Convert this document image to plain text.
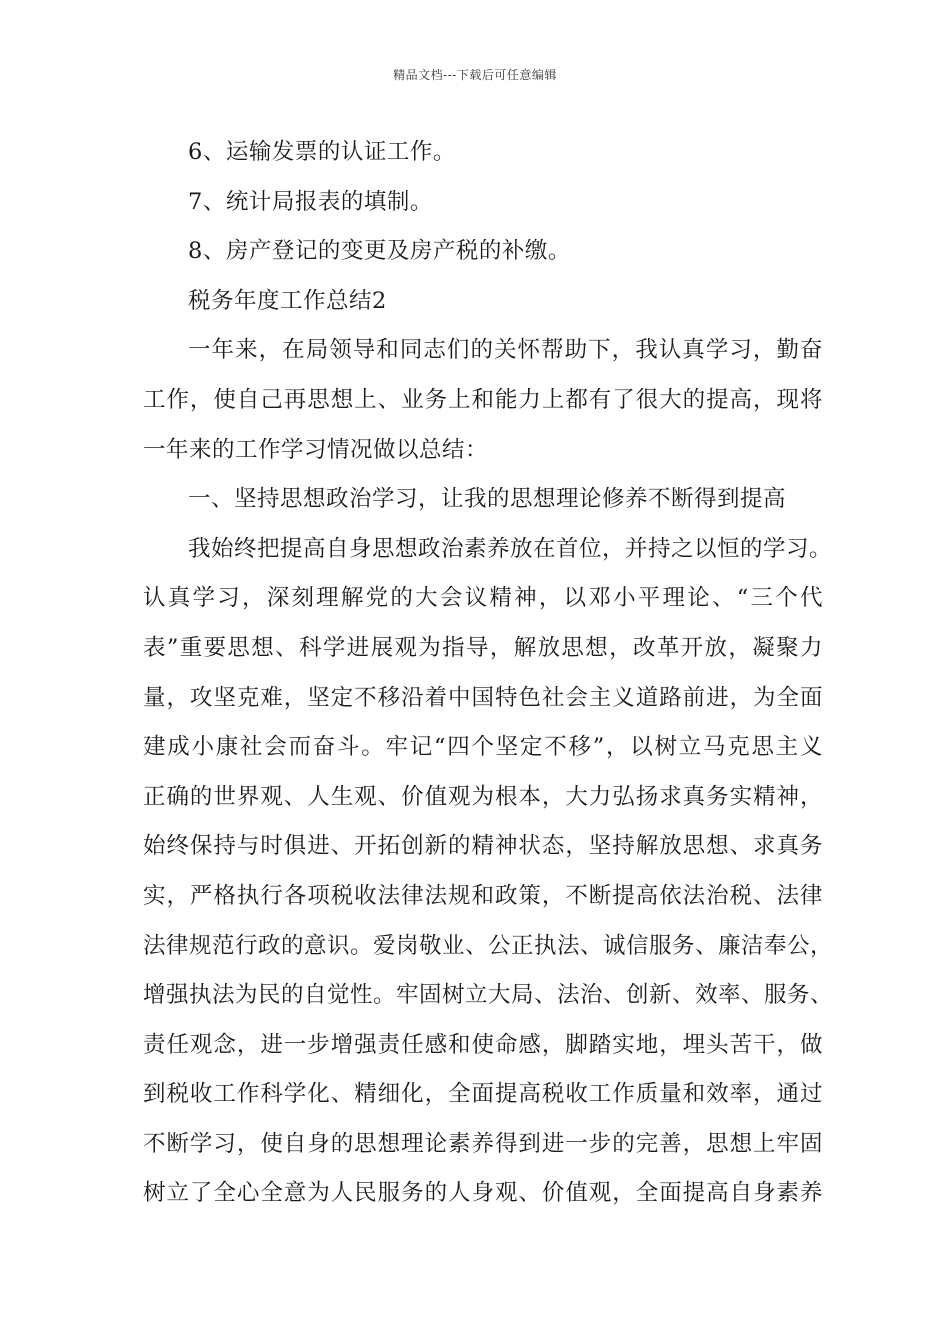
精品文档---下载后可任意编辑
6、运输发票的认证工作。
7、统计局报表的填制。
8、房产登记的变更及房产税的补缴。
税务年度工作总结2
一年来，在局领导和同志们的关怀帮助下，我认真学习，勤奋
工作，使自己再思想上、业务上和能力上都有了很大的提高，现将
一年来的工作学习情况做以总结：
一、坚持思想政治学习，让我的思想理论修养不断得到提高
我始终把提高自身思想政治素养放在首位，并持之以恒的学习。
认真学习，深刻理解党的大会议精神，以邓小平理论、“三个代
表”重要思想、科学进展观为指导，解放思想，改革开放，凝聚力
量，攻坚克难，坚定不移沿着中国特色社会主义道路前进，为全面
建成小康社会而奋斗。牢记“四个坚定不移”，以树立马克思主义
正确的世界观、人生观、价值观为根本，大力弘扬求真务实精神，
始终保持与时俱进、开拓创新的精神状态，坚持解放思想、求真务
实，严格执行各项税收法律法规和政策，不断提高依法治税、法律
法律规范行政的意识。爱岗敬业、公正执法、诚信服务、廉洁奉公，
增强执法为民的自觉性。牢固树立大局、法治、创新、效率、服务、
责任观念，进一步增强责任感和使命感，脚踏实地，埋头苦干，做
到税收工作科学化、精细化，全面提高税收工作质量和效率，通过
不断学习，使自身的思想理论素养得到进一步的完善，思想上牢固
树立了全心全意为人民服务的人身观、价值观，全面提高自身素养
